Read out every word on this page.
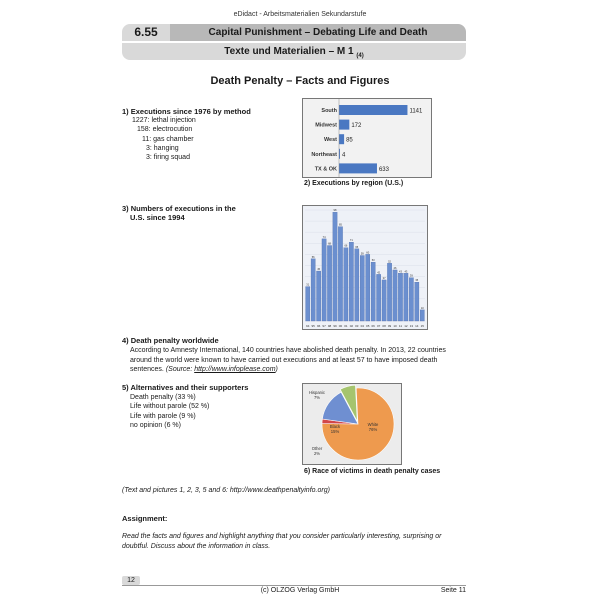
eDidact - Arbeitsmaterialien Sekundarstufe
6.55	Capital Punishment – Debating Life and Death
Texte und Materialien – M 1 $_{(4)}$
Death Penalty – Facts and Figures
1) Executions since 1976 by method
1227: lethal injection
158: electrocution
11: gas chamber
3: hanging
3: firing squad
South	1141
Midwest 172
West 85
Northeast 4
TX & OK	633
2) Executions by region (U.S.)
3) Numbers of executions in the
U.S. since 1994
31
94
56
95
45
96
74
97
68
98
98
99
85
00
66
01
71
02
65
03
59
04
60
05
53
06
42
07
37
08
52
09
46
10
43
11
43
12
39
13
35
14
10
15
4) Death penalty worldwide
According to Amnesty International, 140 countries have abolished death penalty. In 2013, 22 countries around the world were known to have carried out executions and at least 57 to have imposed death sentences. (Source: http://www.infoplease.com)
5) Alternatives and their supporters
Death penalty (33 %)
Life without parole (52 %)
Life with parole (9 %)
no opinion (6 %)
Hispanic
7%
Black
15%
Other
2%
White
76%
6) Race of victims in death penalty cases
(Text and pictures 1, 2, 3, 5 and 6: http://www.deathpenaltyinfo.org)
Assignment:
Read the facts and figures and highlight anything that you consider particularly interesting, surprising or doubtful. Discuss about the information in class.
12
(c) OLZOG Verlag GmbH	Seite 11
